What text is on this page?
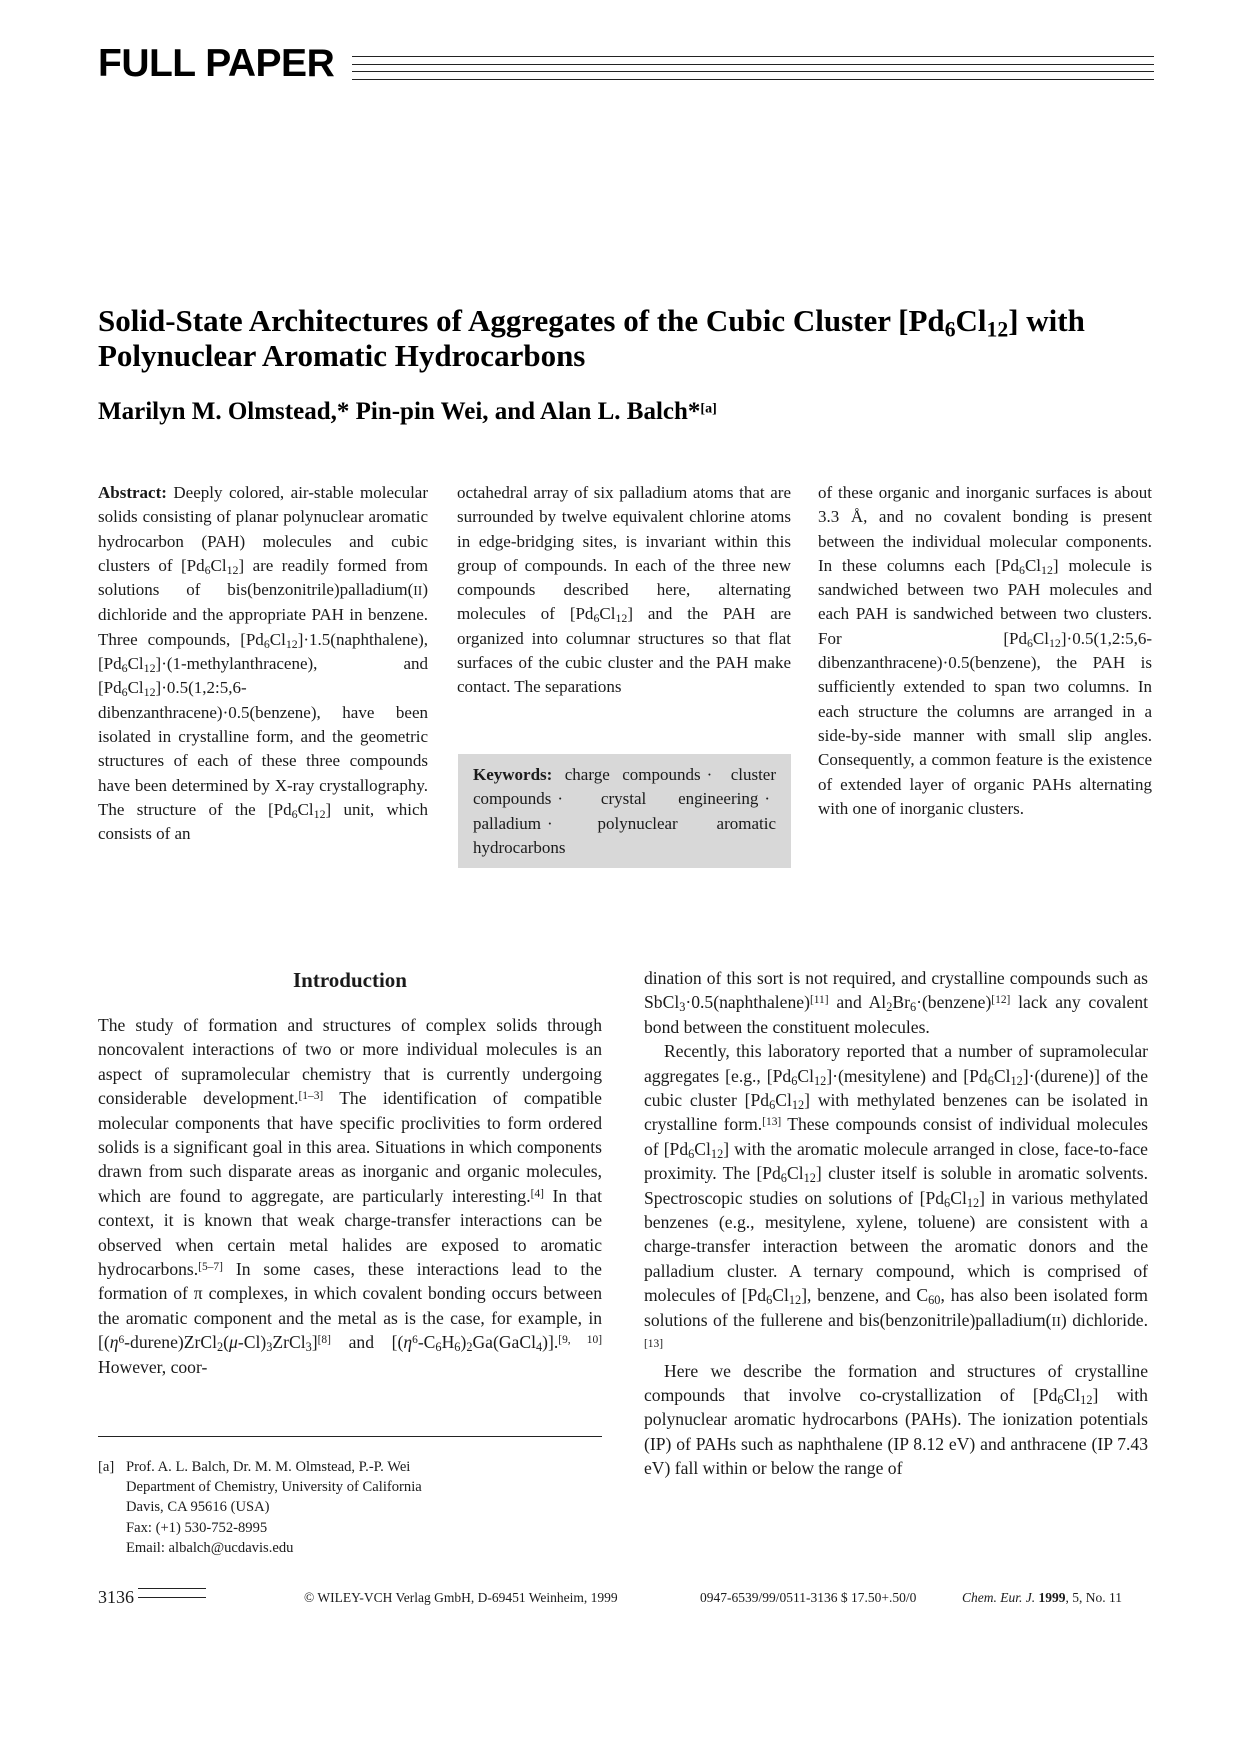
FULL PAPER
Solid-State Architectures of Aggregates of the Cubic Cluster $[Pd_6Cl_{12}]$ with
Polynuclear Aromatic Hydrocarbons
Marilyn M. Olmstead,* Pin-pin Wei, and Alan L. Balch*[a]
Abstract: Deeply colored, air-stable molecular solids consisting of planar polynuclear aromatic hydrocarbon (PAH) molecules and cubic clusters of $[Pd_6Cl_{12}]$ are readily formed from solutions of bis(benzonitrile)palladium(II) dichloride and the appropriate PAH in benzene. Three compounds, $[Pd_6Cl_{12}]\cdot 1.5(naphthalene)$, $[Pd_6Cl_{12}]\cdot(1-methylanthracene)$, and $[Pd_6Cl_{12}]\cdot 0.5(1,2:5,6-dibenzanthracene)\cdot 0.5(benzene)$, have been isolated in crystalline form, and the geometric structures of each of these three compounds have been determined by X-ray crystallography. The structure of the $[Pd_6Cl_{12}]$ unit, which consists of an
octahedral array of six palladium atoms that are surrounded by twelve equivalent chlorine atoms in edge-bridging sites, is invariant within this group of compounds. In each of the three new compounds described here, alternating molecules of $[Pd_6Cl_{12}]$ and the PAH are organized into columnar structures so that flat surfaces of the cubic cluster and the PAH make contact. The separations
Keywords: charge compounds · cluster compounds · crystal engineering · palladium ·	polynuclear aromatic hydrocarbons
of these organic and inorganic surfaces is about 3.3 Å, and no covalent bonding is present between the individual molecular components. In these columns each $[Pd_6Cl_{12}]$ molecule is sandwiched between two PAH molecules and each PAH is sandwiched between two clusters. For $[Pd_6Cl_{12}]\cdot 0.5(1,2:5,6-dibenzanthracene)\cdot 0.5(benzene)$, the PAH is sufficiently extended to span two columns. In each structure the columns are arranged in a side-by-side manner with small slip angles. Consequently, a common feature is the existence of extended layer of organic PAHs alternating with one of inorganic clusters.
Introduction

The study of formation and structures of complex solids through noncovalent interactions of two or more individual molecules is an aspect of supramolecular chemistry that is currently undergoing considerable development.[1–3] The identification of compatible molecular components that have specific proclivities to form ordered solids is a significant goal in this area. Situations in which components drawn from such disparate areas as inorganic and organic molecules, which are found to aggregate, are particularly interesting.[4] In that context, it is known that weak charge-transfer interactions can be observed when certain metal halides are exposed to aromatic hydrocarbons.[5–7] In some cases, these interactions lead to the formation of π complexes, in which covalent bonding occurs between the aromatic component and the metal as is the case, for example, in $[(\eta^6-durene)ZrCl_2(\mu-Cl)_3ZrCl_3][8]$ and $[(\eta^6-C_6H_6)_2Ga(GaCl_4)].[9, 10]$ However, coor-

dination of this sort is not required, and crystalline compounds such as SbCl$_3$·0.5(naphthalene)[11] and $Al_2Br_6\cdot(benzene)[12]$ lack any covalent bond between the constituent molecules.

Recently, this laboratory reported that a number of supramolecular aggregates [e.g., $[Pd_6Cl_{12}]\cdot(mesitylene)$ and $[Pd_6Cl_{12}]\cdot(durene)$] of the cubic cluster $[Pd_6Cl_{12}]$ with methylated benzenes can be isolated in crystalline form.[13] These compounds consist of individual molecules of $[Pd_6Cl_{12}]$ with the aromatic molecule arranged in close, face-to-face proximity. The $[Pd_6Cl_{12}]$ cluster itself is soluble in aromatic solvents. Spectroscopic studies on solutions of $[Pd_6Cl_{12}]$ in various methylated benzenes (e.g., mesitylene, xylene, toluene) are consistent with a charge-transfer interaction between the aromatic donors and the palladium cluster. A ternary compound, which is comprised of molecules of $[Pd_6Cl_{12}]$, benzene, and $C_{60}$, has also been isolated form solutions of the fullerene and bis(benzonitrile)palladium(II) dichloride.[13]

Here we describe the formation and structures of crystalline compounds that involve co-crystallization of $[Pd_6Cl_{12}]$ with polynuclear aromatic hydrocarbons (PAHs). The ionization potentials (IP) of PAHs such as naphthalene (IP 8.12 eV) and anthracene (IP 7.43 eV) fall within or below the range of

[a] Prof. A. L. Balch, Dr. M. M. Olmstead, P.-P. Wei
Department of Chemistry, University of California
Davis, CA 95616 (USA)
Fax: (+1) 530-752-8995
Email: albalch@ucdavis.edu
3136	© WILEY-VCH Verlag GmbH, D-69451 Weinheim, 1999	0947-6539/99/0511-3136 $ 17.50+.50/0	Chem. Eur. J. 1999, 5, No. 11
